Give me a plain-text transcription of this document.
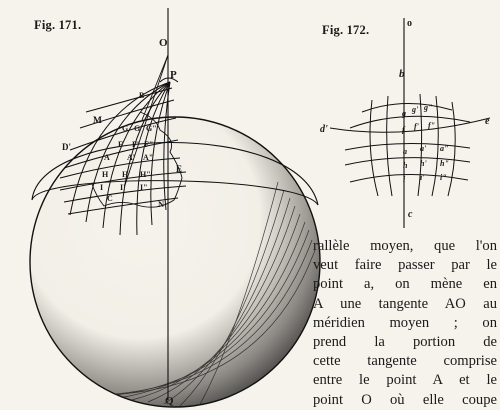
O
P
M
B
G G' G"
D'	F F' F"
A A' A"
E
H H' H"
I I' I"
C
N
Q
o
b
d'
e
g g' g"
f f' f"
a a' a"
h h' h"
i i' i"
c
Fig. 171.	Fig. 172.
rallèle moyen, que l'on
veut faire passer par le
point a, on mène en
A une tangente AO au
méridien moyen ; on
prend la portion de
cette tangente comprise
entre le point A et le
point O où elle coupe
